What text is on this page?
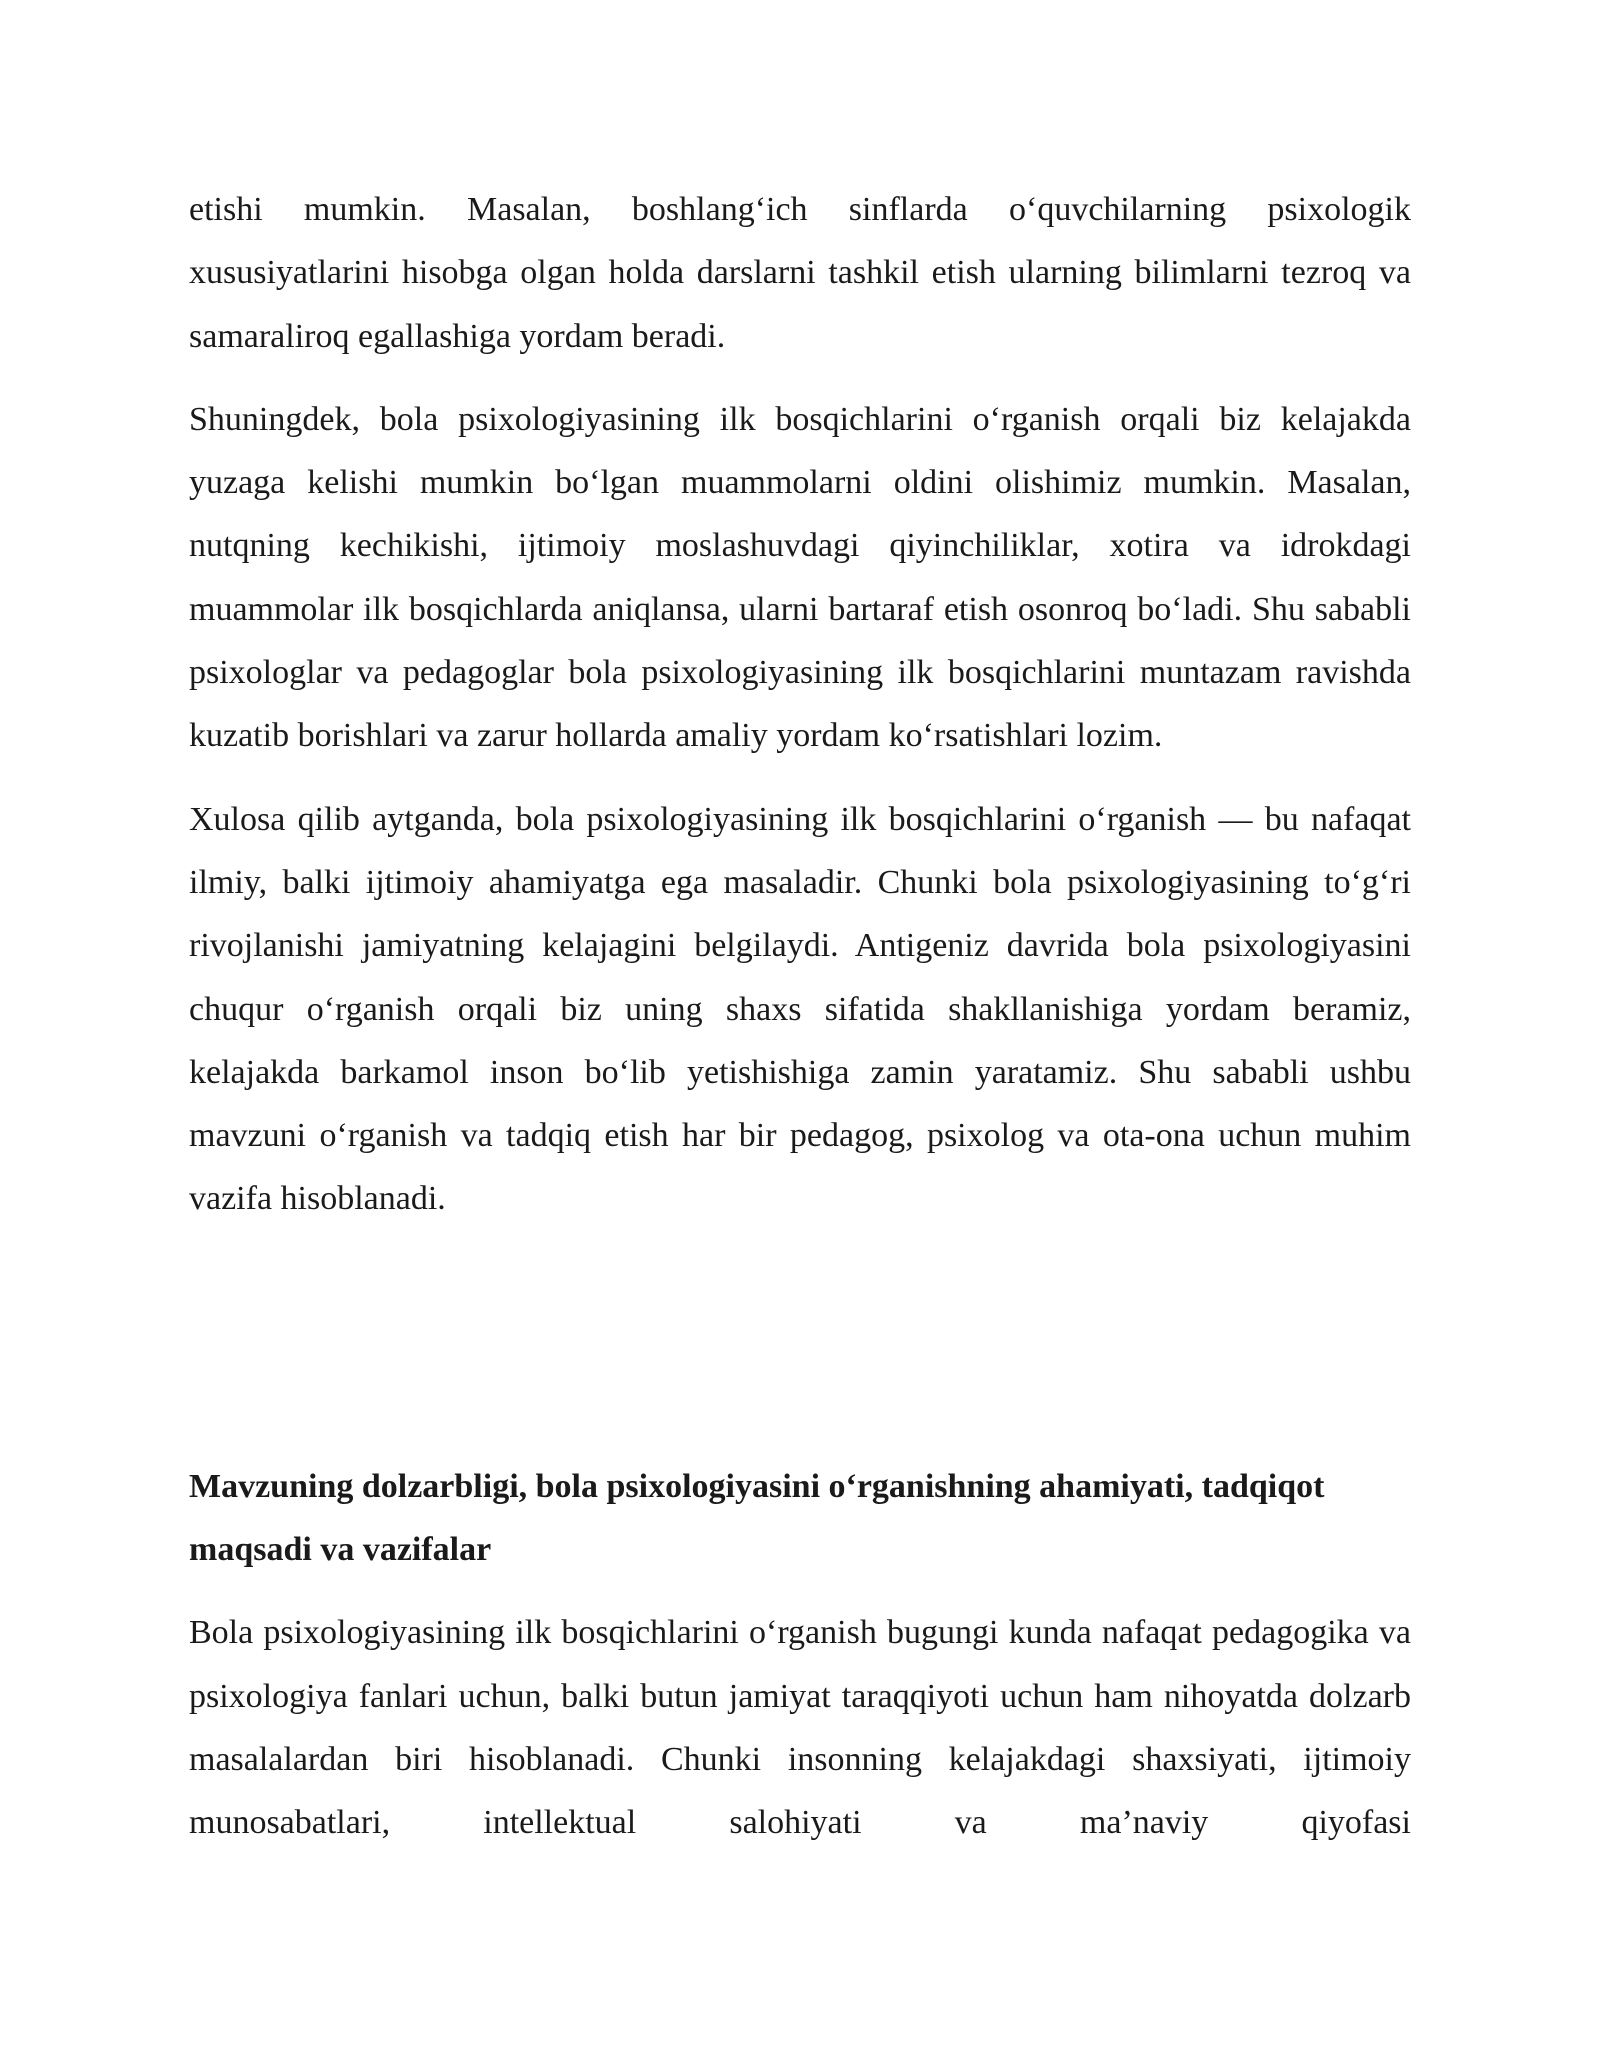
etishi mumkin. Masalan, boshlang‘ich sinflarda o‘quvchilarning psixologik xususiyatlarini hisobga olgan holda darslarni tashkil etish ularning bilimlarni tezroq va samaraliroq egallashiga yordam beradi.

Shuningdek, bola psixologiyasining ilk bosqichlarini o‘rganish orqali biz kelajakda yuzaga kelishi mumkin bo‘lgan muammolarni oldini olishimiz mumkin. Masalan, nutqning kechikishi, ijtimoiy moslashuvdagi qiyinchiliklar, xotira va idrokdagi muammolar ilk bosqichlarda aniqlansa, ularni bartaraf etish osonroq bo‘ladi. Shu sababli psixologlar va pedagoglar bola psixologiyasining ilk bosqichlarini muntazam ravishda kuzatib borishlari va zarur hollarda amaliy yordam ko‘rsatishlari lozim.

Xulosa qilib aytganda, bola psixologiyasining ilk bosqichlarini o‘rganish — bu nafaqat ilmiy, balki ijtimoiy ahamiyatga ega masaladir. Chunki bola psixologiyasining to‘g‘ri rivojlanishi jamiyatning kelajagini belgilaydi. Antigeniz davrida bola psixologiyasini chuqur o‘rganish orqali biz uning shaxs sifatida shakllanishiga yordam beramiz, kelajakda barkamol inson bo‘lib yetishishiga zamin yaratamiz. Shu sababli ushbu mavzuni o‘rganish va tadqiq etish har bir pedagog, psixolog va ota-ona uchun muhim vazifa hisoblanadi.

Mavzuning dolzarbligi, bola psixologiyasini o‘rganishning ahamiyati, tadqiqot maqsadi va vazifalar

Bola psixologiyasining ilk bosqichlarini o‘rganish bugungi kunda nafaqat pedagogika va psixologiya fanlari uchun, balki butun jamiyat taraqqiyoti uchun ham nihoyatda dolzarb masalalardan biri hisoblanadi. Chunki insonning kelajakdagi shaxsiyati, ijtimoiy munosabatlari, intellektual salohiyati va ma’naviy qiyofasi
